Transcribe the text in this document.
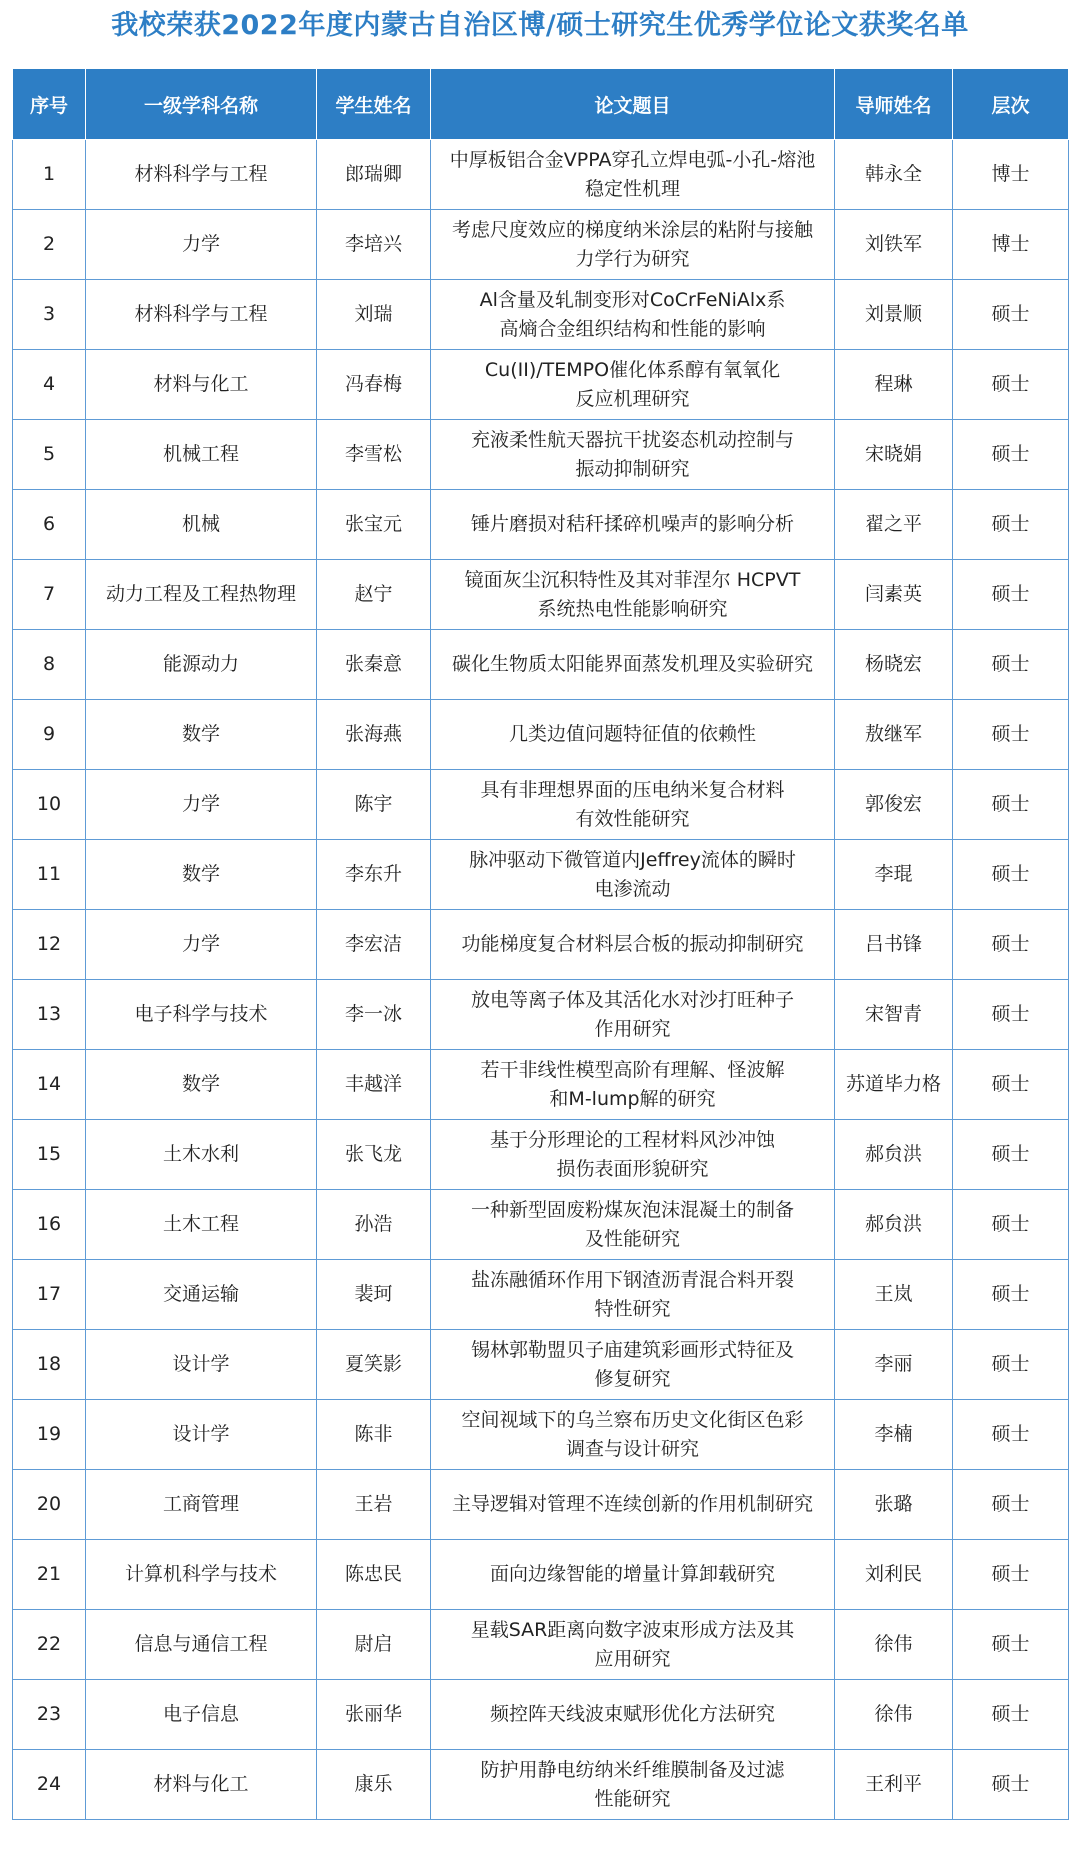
我校荣获2022年度内蒙古自治区博/硕士研究生优秀学位论文获奖名单
序号	一级学科名称	学生姓名	论文题目	导师姓名	层次
1	材料科学与工程	郎瑞卿	中厚板铝合金VPPA穿孔立焊电弧-小孔-熔池
稳定性机理	韩永全	博士
2	力学	李培兴	考虑尺度效应的梯度纳米涂层的粘附与接触
力学行为研究	刘铁军	博士
3	材料科学与工程	刘瑞	Al含量及轧制变形对CoCrFeNiAlx系
高熵合金组织结构和性能的影响	刘景顺	硕士
4	材料与化工	冯春梅	Cu(II)/TEMPO催化体系醇有氧氧化
反应机理研究	程琳	硕士
5	机械工程	李雪松	充液柔性航天器抗干扰姿态机动控制与
振动抑制研究	宋晓娟	硕士
6	机械	张宝元	锤片磨损对秸秆揉碎机噪声的影响分析	翟之平	硕士
7	动力工程及工程热物理	赵宁	镜面灰尘沉积特性及其对菲涅尔 HCPVT
系统热电性能影响研究	闫素英	硕士
8	能源动力	张秦意	碳化生物质太阳能界面蒸发机理及实验研究	杨晓宏	硕士
9	数学	张海燕	几类边值问题特征值的依赖性	敖继军	硕士
10	力学	陈宇	具有非理想界面的压电纳米复合材料
有效性能研究	郭俊宏	硕士
11	数学	李东升	脉冲驱动下微管道内Jeffrey流体的瞬时
电渗流动	李琨	硕士
12	力学	李宏洁	功能梯度复合材料层合板的振动抑制研究	吕书锋	硕士
13	电子科学与技术	李一冰	放电等离子体及其活化水对沙打旺种子
作用研究	宋智青	硕士
14	数学	丰越洋	若干非线性模型高阶有理解、怪波解
和M-lump解的研究	苏道毕力格	硕士
15	土木水利	张飞龙	基于分形理论的工程材料风沙冲蚀
损伤表面形貌研究	郝贠洪	硕士
16	土木工程	孙浩	一种新型固废粉煤灰泡沫混凝土的制备
及性能研究	郝贠洪	硕士
17	交通运输	裴珂	盐冻融循环作用下钢渣沥青混合料开裂
特性研究	王岚	硕士
18	设计学	夏笑影	锡林郭勒盟贝子庙建筑彩画形式特征及
修复研究	李丽	硕士
19	设计学	陈非	空间视域下的乌兰察布历史文化街区色彩
调查与设计研究	李楠	硕士
20	工商管理	王岩	主导逻辑对管理不连续创新的作用机制研究	张璐	硕士
21	计算机科学与技术	陈忠民	面向边缘智能的增量计算卸载研究	刘利民	硕士
22	信息与通信工程	尉启	星载SAR距离向数字波束形成方法及其
应用研究	徐伟	硕士
23	电子信息	张丽华	频控阵天线波束赋形优化方法研究	徐伟	硕士
24	材料与化工	康乐	防护用静电纺纳米纤维膜制备及过滤
性能研究	王利平	硕士
